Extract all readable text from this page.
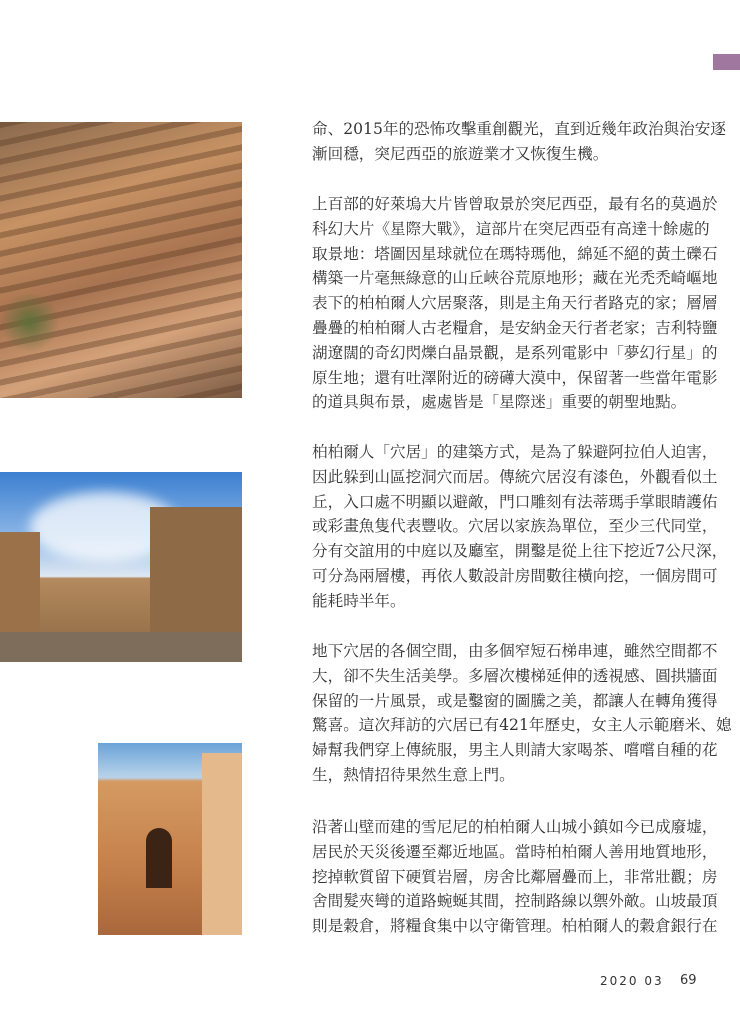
命、2015年的恐怖攻擊重創觀光，直到近幾年政治與治安逐
漸回穩，突尼西亞的旅遊業才又恢復生機。
上百部的好萊塢大片皆曾取景於突尼西亞，最有名的莫過於
科幻大片《星際大戰》，這部片在突尼西亞有高達十餘處的
取景地：塔圖因星球就位在瑪特瑪他，綿延不絕的黃土礫石
構築一片毫無綠意的山丘峽谷荒原地形；藏在光禿禿崎嶇地
表下的柏柏爾人穴居聚落，則是主角天行者路克的家；層層
疊疊的柏柏爾人古老糧倉，是安納金天行者老家；吉利特鹽
湖遼闊的奇幻閃爍白晶景觀，是系列電影中「夢幻行星」的
原生地；還有吐澤附近的磅礡大漠中，保留著一些當年電影
的道具與布景，處處皆是「星際迷」重要的朝聖地點。
柏柏爾人「穴居」的建築方式，是為了躲避阿拉伯人迫害，
因此躲到山區挖洞穴而居。傳統穴居沒有漆色，外觀看似土
丘，入口處不明顯以避敵，門口雕刻有法蒂瑪手掌眼睛護佑
或彩畫魚隻代表豐收。穴居以家族為單位，至少三代同堂，
分有交誼用的中庭以及廳室，開鑿是從上往下挖近7公尺深，
可分為兩層樓，再依人數設計房間數往橫向挖，一個房間可
能耗時半年。
地下穴居的各個空間，由多個窄短石梯串連，雖然空間都不
大，卻不失生活美學。多層次樓梯延伸的透視感、圓拱牆面
保留的一片風景，或是鑿窗的圖騰之美，都讓人在轉角獲得
驚喜。這次拜訪的穴居已有421年歷史，女主人示範磨米、媳
婦幫我們穿上傳統服，男主人則請大家喝茶、嚐嚐自種的花
生，熱情招待果然生意上門。
沿著山壁而建的雪尼尼的柏柏爾人山城小鎮如今已成廢墟，
居民於天災後遷至鄰近地區。當時柏柏爾人善用地質地形，
挖掉軟質留下硬質岩層，房舍比鄰層疊而上，非常壯觀；房
舍間髮夾彎的道路蜿蜒其間，控制路線以禦外敵。山坡最頂
則是穀倉，將糧食集中以守衛管理。柏柏爾人的穀倉銀行在
2020 03 69
